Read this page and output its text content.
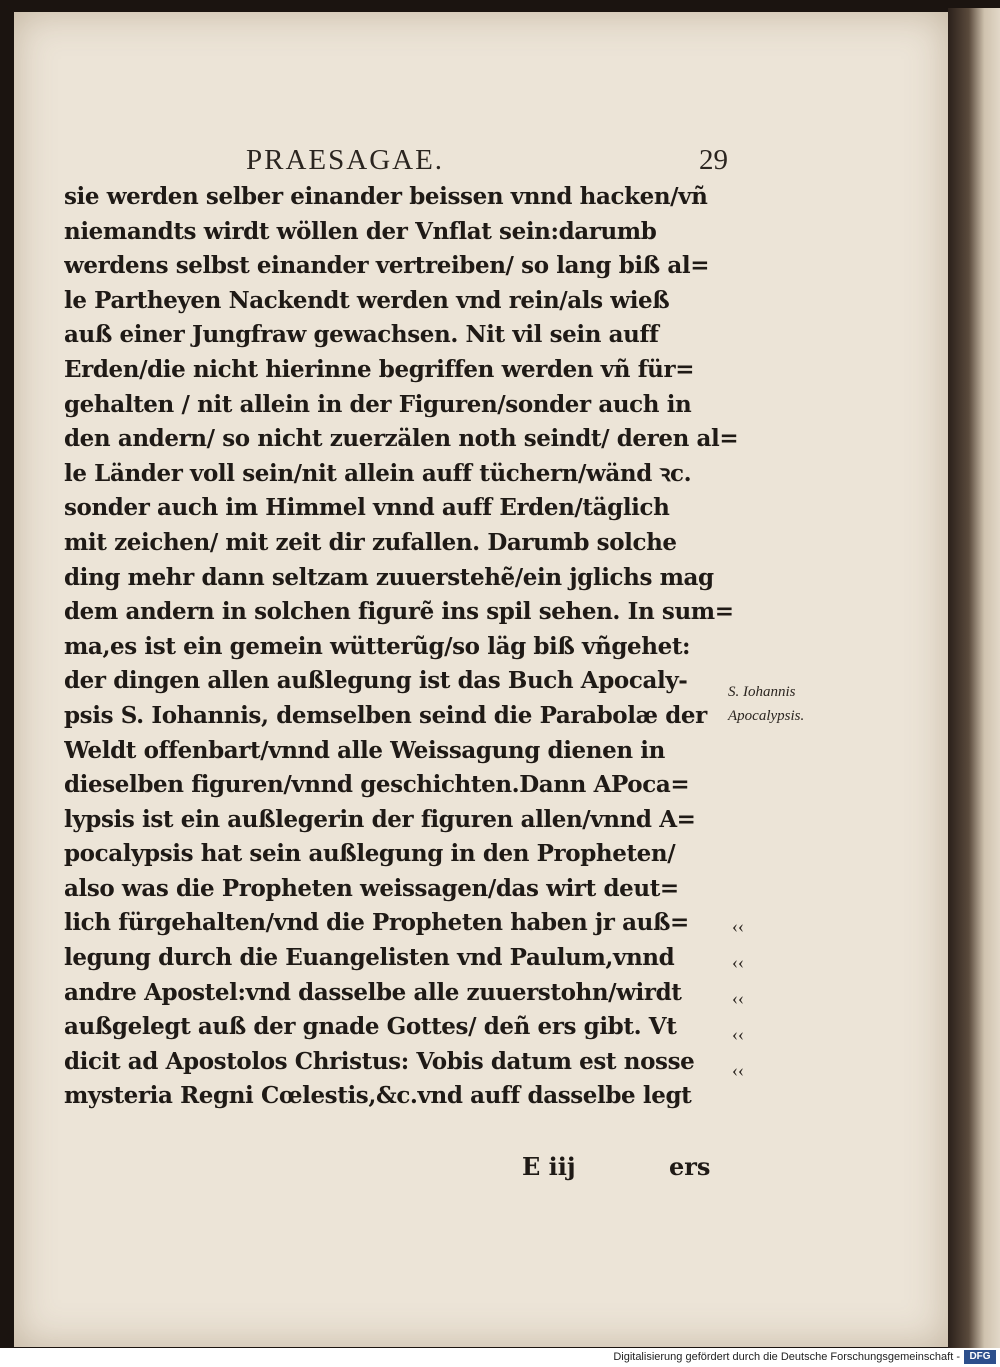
PRAESAGAE.	29
sie werden selber einander beissen vnnd hacken/vñ
niemandts wirdt wöllen der Vnflat sein:darumb
werdens selbst einander vertreiben/ so lang biß al=
le Partheyen Nackendt werden vnd rein/als wieß
auß einer Jungfraw gewachsen. Nit vil sein auff
Erden/die nicht hierinne begriffen werden vñ für=
gehalten / nit allein in der Figuren/sonder auch in
den andern/ so nicht zuerzälen noth seindt/ deren al=
le Länder voll sein/nit allein auff tüchern/wänd ꝛc.
sonder auch im Himmel vnnd auff Erden/täglich
mit zeichen/ mit zeit dir zufallen. Darumb solche
ding mehr dann seltzam zuuerstehẽ/ein jglichs mag
dem andern in solchen figurẽ ins spil sehen. In sum=
ma,es ist ein gemein wütterũg/so läg biß vñgehet:
der dingen allen außlegung ist das Buch Apocaly-
psis S. Iohannis, demselben seind die Parabolæ der
Weldt offenbart/vnnd alle Weissagung dienen in
dieselben figuren/vnnd geschichten.Dann APoca=
lypsis ist ein außlegerin der figuren allen/vnnd A=
pocalypsis hat sein außlegung in den Propheten/
also was die Propheten weissagen/das wirt deut=
lich fürgehalten/vnd die Propheten haben jr auß=
legung durch die Euangelisten vnd Paulum,vnnd
andre Apostel:vnd dasselbe alle zuuerstohn/wirdt
außgelegt auß der gnade Gottes/ deñ ers gibt. Vt
dicit ad Apostolos Christus: Vobis datum est nosse
mysteria Regni Cœlestis,&c.vnd auff dasselbe legt
S. Iohannis
Apocalypsis.
‹‹
‹‹
‹‹
‹‹
‹‹
E iij	ers
Digitalisierung gefördert durch die Deutsche Forschungsgemeinschaft - DFG
